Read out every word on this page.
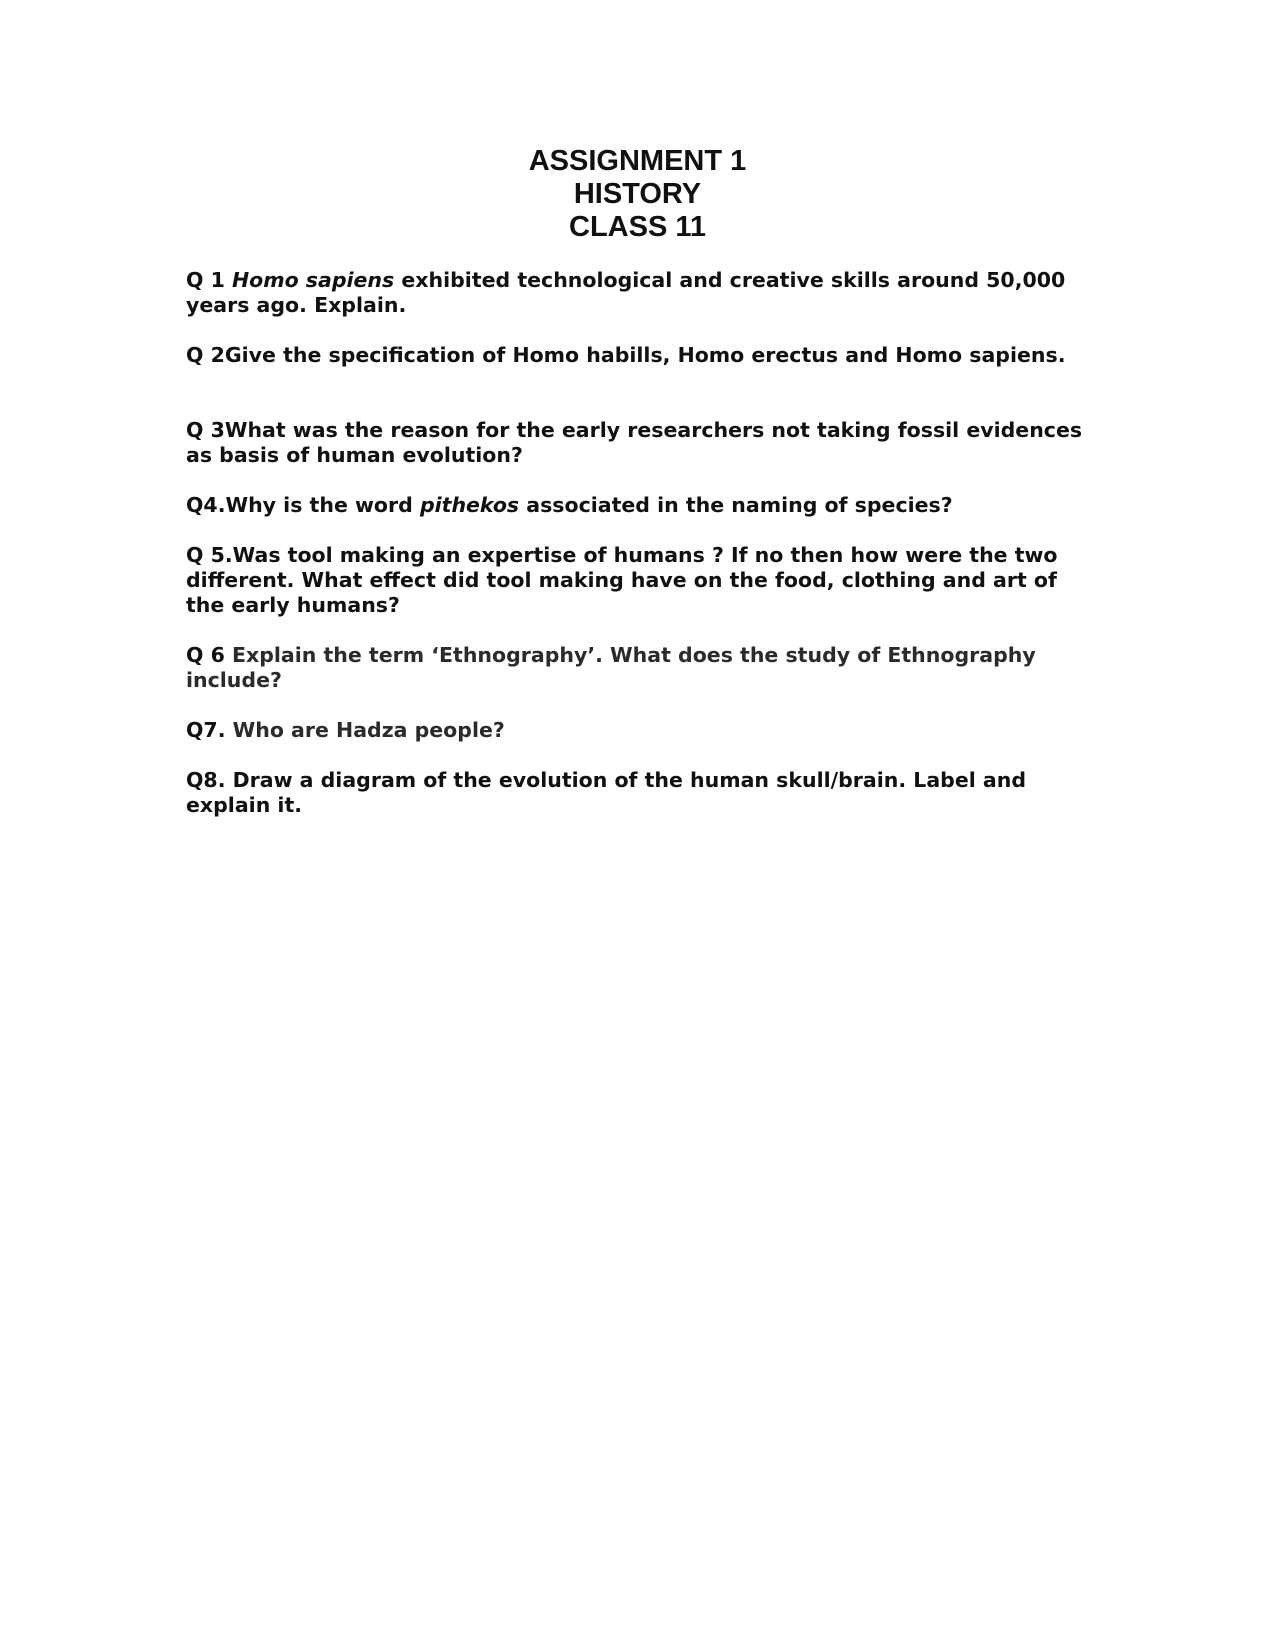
ASSIGNMENT 1
HISTORY
CLASS 11

Q 1 Homo sapiens exhibited technological and creative skills around 50,000 years ago. Explain.

Q 2Give the specification of Homo habills, Homo erectus and Homo sapiens.

Q 3What was the reason for the early researchers not taking fossil evidences as basis of human evolution?

Q4.Why is the word pithekos associated in the naming of species?

Q 5.Was tool making an expertise of humans ? If no then how were the two different. What effect did tool making have on the food, clothing and art of the early humans?

Q 6 Explain the term ‘Ethnography’. What does the study of Ethnography include?

Q7. Who are Hadza people?

Q8. Draw a diagram of the evolution of the human skull/brain. Label and explain it.
